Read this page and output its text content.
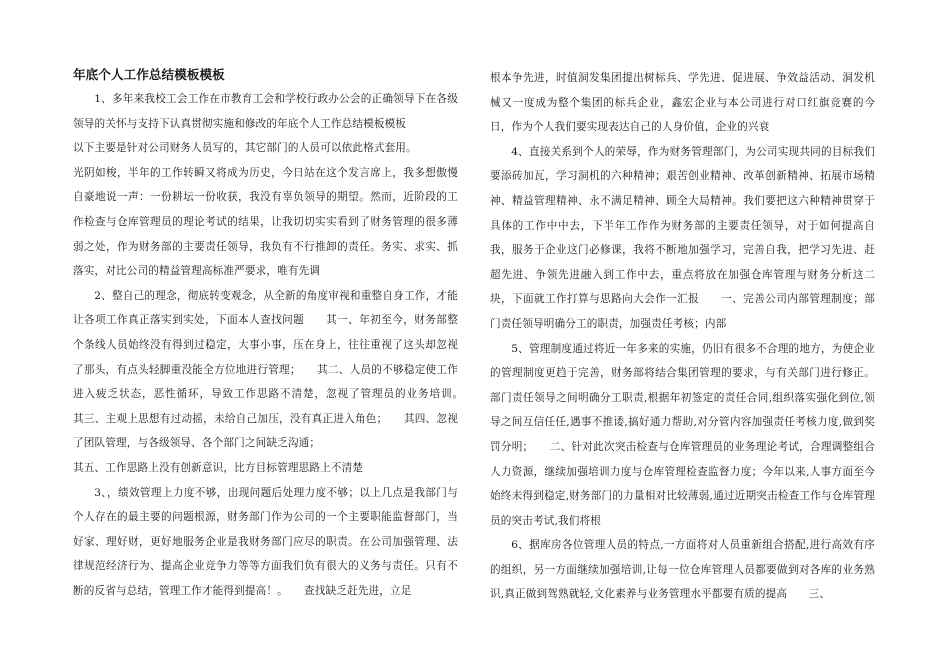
年底个人工作总结模板模板

1、多年来我校工会工作在市教育工会和学校行政办公会的正确领导下在各级领导的关怀与支持下认真贯彻实施和修改的年底个人工作总结模板模板

以下主要是针对公司财务人员写的，其它部门的人员可以依此格式套用。

光阴如梭，半年的工作转瞬又将成为历史，今日站在这个发言席上，我多想傲慢自豪地说一声：一份耕坛一份收获，我没有辜负领导的期望。然而，近阶段的工作检查与仓库管理员的理论考试的结果，让我切切实实看到了财务管理的很多薄弱之处，作为财务部的主要责任领导，我负有不行推卸的责任。务实、求实、抓落实，对比公司的精益管理高标准严要求，唯有先调

2、整自己的理念，彻底转变观念，从全新的角度审视和重整自身工作，才能让各项工作真正落实到实处，下面本人查找问题　　其一、年初至今，财务部整个条线人员始终没有得到过稳定，大事小事，压在身上，往往重视了这头却忽视了那头，有点头轻脚重没能全方位地进行管理；　　其二、人员的不够稳定使工作进入疲乏状态，恶性循环，导致工作思路不清楚，忽视了管理员的业务培训。　　其三、主观上思想有过动摇，未给自己加压，没有真正进入角色；　　其四、忽视了团队管理，与各级领导、各个部门之间缺乏沟通；

其五、工作思路上没有创新意识，比方目标管理思路上不清楚

3、，绩效管理上力度不够，出现问题后处理力度不够；以上几点是我部门与个人存在的最主要的问题根源，财务部门作为公司的一个主要职能监督部门，当好家、理好财，更好地服务企业是我财务部门应尽的职责。在公司加强管理、法律规范经济行为、提高企业竞争力等等方面我们负有很大的义务与责任。只有不断的反省与总结，管理工作才能得到提高！。　　查找缺乏赶先进，立足

根本争先进，时值洞发集团提出树标兵、学先进、促进展、争效益活动、洞发机械又一度成为整个集团的标兵企业，鑫宏企业与本公司进行对口红旗竞赛的今日，作为个人我们要实现表达自己的人身价值，企业的兴衰

4、直接关系到个人的荣辱，作为财务管理部门，为公司实现共同的目标我们要添砖加瓦，学习洞机的六种精神；艰苦创业精神、改革创新精神、拓展市场精神、精益管理精神、永不满足精神、顾全大局精神。我们要把这六种精神贯穿于具体的工作中中去，下半年工作作为财务部的主要责任领导，对于如何提高自我，服务于企业这门必修课，我将不断地加强学习，完善自我，把学习先进、赶超先进、争领先进融入到工作中去，重点将放在加强仓库管理与财务分析这二块，下面就工作打算与思路向大会作一汇报　　一、完善公司内部管理制度；部门责任领导明确分工的职责，加强责任考核；内部

5、管理制度通过将近一年多来的实施，仍旧有很多不合理的地方，为使企业的管理制度更趋于完善，财务部将结合集团管理的要求，与有关部门进行修正。部门责任领导之间明确分工职责,根据年初签定的责任合同,组织落实强化到位,领导之间互信任任,遇事不推诿,搞好通力帮助,对分管内容加强责任考核力度,做到奖罚分明；　　二、针对此次突击检查与仓库管理员的业务理论考试，合理调整组合人力资源，继续加强培训力度与仓库管理检查监督力度；今年以来,人事方面至今始终未得到稳定,财务部门的力量相对比较薄弱,通过近期突击检查工作与仓库管理员的突击考试,我们将根

6、据库房各位管理人员的特点,一方面将对人员重新组合搭配,进行高效有序的组织，另一方面继续加强培训,让每一位仓库管理人员都要做到对各库的业务熟识,真正做到驾熟就轻,文化素养与业务管理水平都要有质的提高　　三、
